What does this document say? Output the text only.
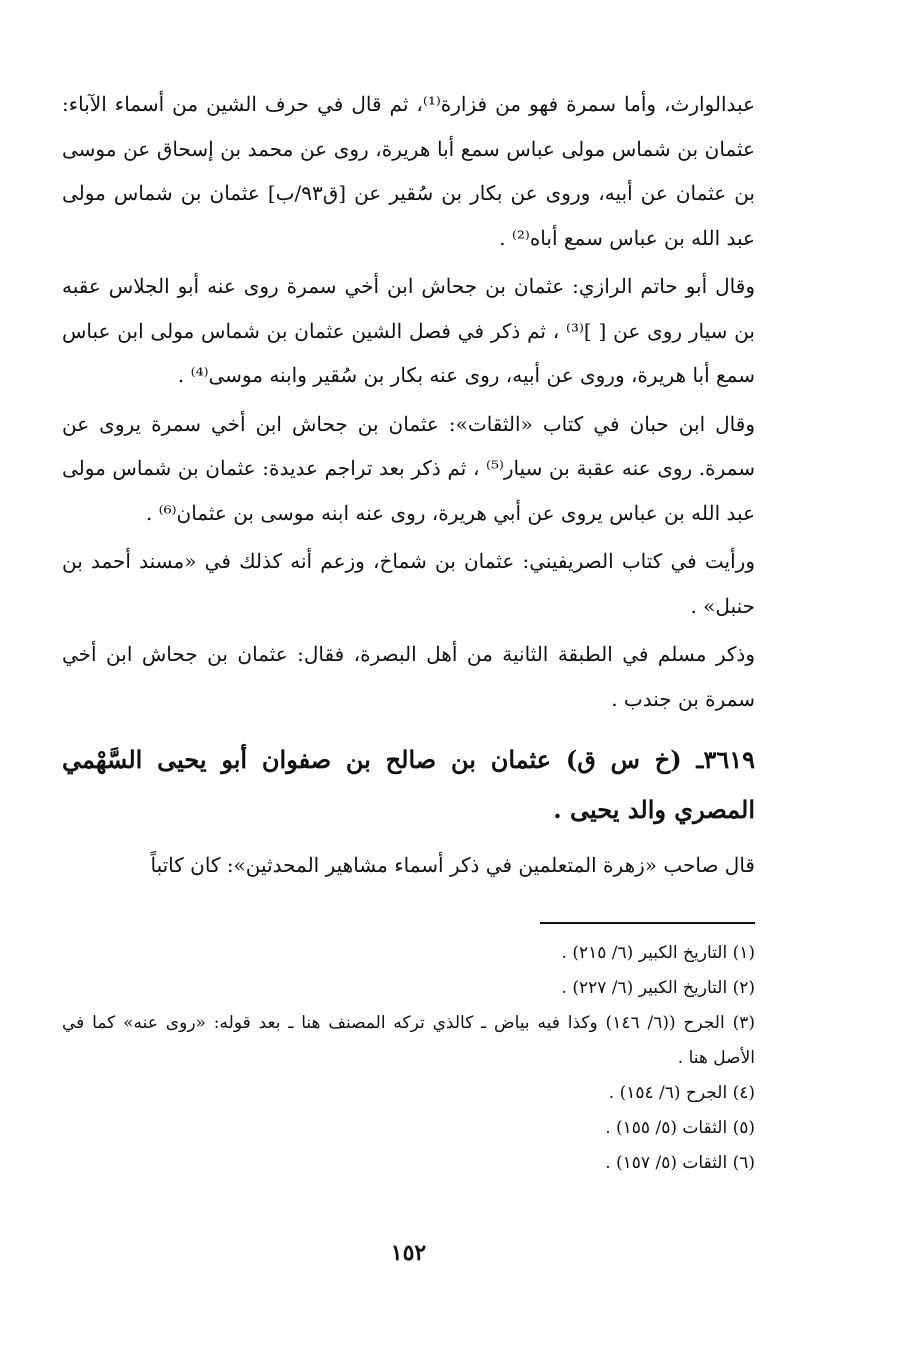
عبدالوارث، وأما سمرة فهو من فزارة⁽¹⁾، ثم قال في حرف الشين من أسماء الآباء: عثمان بن شماس مولى عباس سمع أبا هريرة، روى عن محمد بن إسحاق عن موسى بن عثمان عن أبيه، وروى عن بكار بن سُقير عن [ق٩٣/ب] عثمان بن شماس مولى عبد الله بن عباس سمع أباه⁽²⁾ .

وقال أبو حاتم الرازي: عثمان بن جحاش ابن أخي سمرة روى عنه أبو الجلاس عقبه بن سيار روى عن [ ]⁽³⁾ ، ثم ذكر في فصل الشين عثمان بن شماس مولى ابن عباس سمع أبا هريرة، وروى عن أبيه، روى عنه بكار بن سُقير وابنه موسى⁽⁴⁾ .

وقال ابن حبان في كتاب «الثقات»: عثمان بن جحاش ابن أخي سمرة يروى عن سمرة. روى عنه عقبة بن سيار⁽⁵⁾ ، ثم ذكر بعد تراجم عديدة: عثمان بن شماس مولى عبد الله بن عباس يروى عن أبي هريرة، روى عنه ابنه موسى بن عثمان⁽⁶⁾ .

ورأيت في كتاب الصريفيني: عثمان بن شماخ، وزعم أنه كذلك في «مسند أحمد بن حنبل» .

وذكر مسلم في الطبقة الثانية من أهل البصرة، فقال: عثمان بن جحاش ابن أخي سمرة بن جندب .

٣٦١٩ـ (خ س ق) عثمان بن صالح بن صفوان أبو يحيى السَّهْمي المصري والد يحيى .

قال صاحب «زهرة المتعلمين في ذكر أسماء مشاهير المحدثين»: كان كاتباً

(١) التاريخ الكبير (٦/ ٢١٥) .

(٢) التاريخ الكبير (٦/ ٢٢٧) .

(٣) الجرح ((٦/ ١٤٦) وكذا فيه بياض ـ كالذي تركه المصنف هنا ـ بعد قوله: «روى عنه» كما في الأصل هنا .

(٤) الجرح (٦/ ١٥٤) .

(٥) الثقات (٥/ ١٥٥) .

(٦) الثقات (٥/ ١٥٧) .

١٥٢
